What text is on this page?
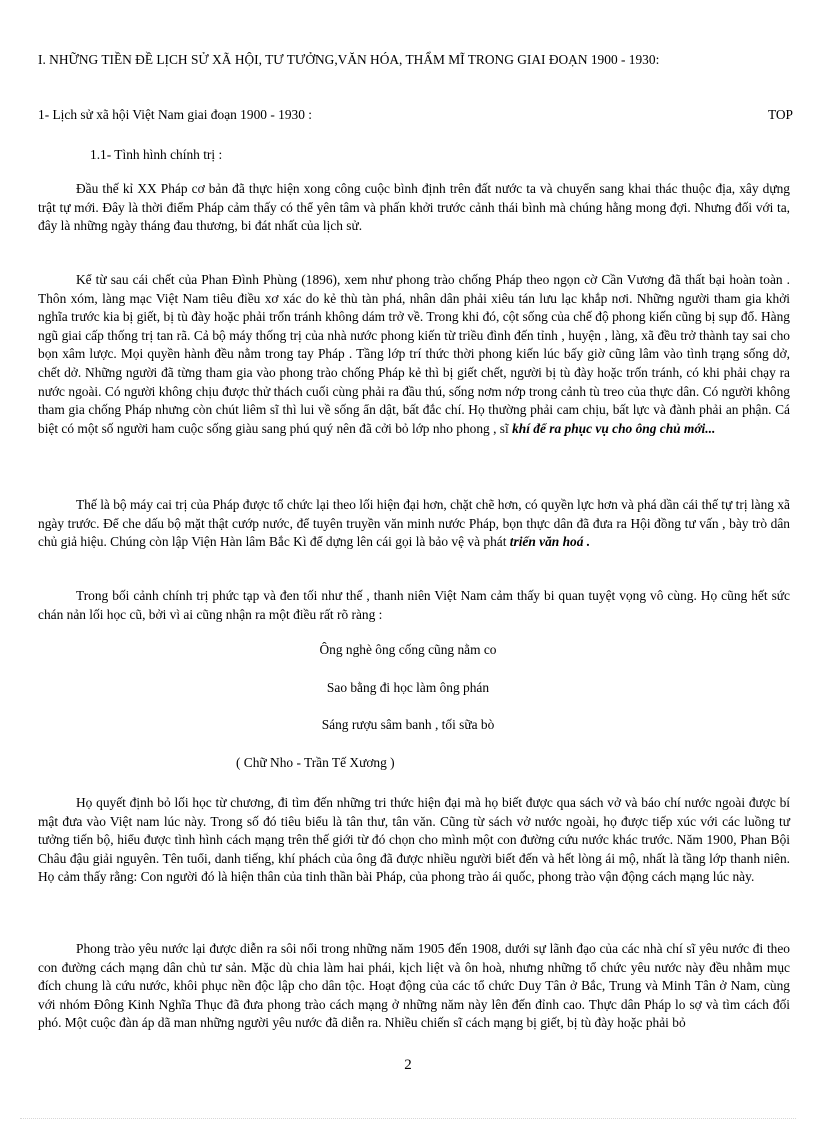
I. NHỮNG TIỀN ĐỀ LỊCH SỬ XÃ HỘI, TƯ TƯỞNG,VĂN HÓA, THẨM MĨ TRONG GIAI ĐOẠN 1900 - 1930:
1- Lịch sử xã hội Việt Nam giai đoạn 1900 - 1930 :	TOP
1.1- Tình hình chính trị :
Đầu thế kỉ XX Pháp cơ bản đã thực hiện xong công cuộc bình định trên đất nước ta và chuyển sang khai thác thuộc địa, xây dựng trật tự mới. Đây là thời điểm Pháp cảm thấy có thể yên tâm và phấn khởi trước cảnh thái bình mà chúng hằng mong đợi. Nhưng đối với ta, đây là những ngày tháng đau thương, bi đát nhất của lịch sử.
Kể từ sau cái chết của Phan Đình Phùng (1896), xem như phong trào chống Pháp theo ngọn cờ Cần Vương đã thất bại hoàn toàn . Thôn xóm, làng mạc Việt Nam tiêu điều xơ xác do kẻ thù tàn phá, nhân dân phải xiêu tán lưu lạc khắp nơi. Những người tham gia khởi nghĩa trước kia bị giết, bị tù đày hoặc phải trốn tránh không dám trở về. Trong khi đó, cột sống của chế độ phong kiến cũng bị sụp đổ. Hàng ngũ giai cấp thống trị tan rã. Cả bộ máy thống trị của nhà nước phong kiến từ triều đình đến tỉnh , huyện , làng, xã đều trở thành tay sai cho bọn xâm lược. Mọi quyền hành đều nằm trong tay Pháp . Tầng lớp trí thức thời phong kiến lúc bấy giờ cũng lâm vào tình trạng sống dở, chết dở. Những người đã từng tham gia vào phong trào chống Pháp kẻ thì bị giết chết, người bị tù đày hoặc trốn tránh, có khi phải chạy ra nước ngoài. Có người không chịu được thử thách cuối cùng phải ra đầu thú, sống nơm nớp trong cảnh tù treo của thực dân. Có người không tham gia chống Pháp nhưng còn chút liêm sĩ thì lui về sống ẩn dật, bất đắc chí. Họ thường phải cam chịu, bất lực và đành phải an phận. Cá biệt có một số người ham cuộc sống giàu sang phú quý nên đã cởi bỏ lớp nho phong , sĩ khí để ra phục vụ cho ông chủ mới...
Thế là bộ máy cai trị của Pháp được tổ chức lại theo lối hiện đại hơn, chặt chẽ hơn, có quyền lực hơn và phá dần cái thế tự trị làng xã ngày trước. Để che dấu bộ mặt thật cướp nước, để tuyên truyền văn minh nước Pháp, bọn thực dân đã đưa ra Hội đồng tư vấn , bày trò dân chủ giả hiệu. Chúng còn lập Viện Hàn lâm Bắc Kì để dựng lên cái gọi là bảo vệ và phát triển văn hoá .
Trong bối cảnh chính trị phức tạp và đen tối như thế , thanh niên Việt Nam cảm thấy bi quan tuyệt vọng vô cùng. Họ cũng hết sức chán nản lối học cũ, bởi vì ai cũng nhận ra một điều rất rõ ràng :
Ông nghè ông cống cũng nằm co
Sao bằng đi học làm ông phán
Sáng rượu sâm banh , tối sữa bò
( Chữ Nho - Trần Tế Xương )
Họ quyết định bỏ lối học từ chương, đi tìm đến những tri thức hiện đại mà họ biết được qua sách vở và báo chí nước ngoài được bí mật đưa vào Việt nam lúc này. Trong số đó tiêu biểu là tân thư, tân văn. Cũng từ sách vở nước ngoài, họ được tiếp xúc với các luồng tư tưởng tiến bộ, hiểu được tình hình cách mạng trên thế giới từ đó chọn cho mình một con đường cứu nước khác trước. Năm 1900, Phan Bội Châu đậu giải nguyên. Tên tuổi, danh tiếng, khí phách của ông đã được nhiều người biết đến và hết lòng ái mộ, nhất là tầng lớp thanh niên. Họ cảm thấy rằng: Con người đó là hiện thân của tinh thần bài Pháp, của phong trào ái quốc, phong trào vận động cách mạng lúc này.
Phong trào yêu nước lại được diễn ra sôi nổi trong những năm 1905 đến 1908, dưới sự lãnh đạo của các nhà chí sĩ yêu nước đi theo con đường cách mạng dân chủ tư sản. Mặc dù chia làm hai phái, kịch liệt và ôn hoà, nhưng những tổ chức yêu nước này đều nhằm mục đích chung là cứu nước, khôi phục nền độc lập cho dân tộc. Hoạt động của các tổ chức Duy Tân ở Bắc, Trung và Minh Tân ở Nam, cùng với nhóm Đông Kinh Nghĩa Thục đã đưa phong trào cách mạng ở những năm này lên đến đỉnh cao. Thực dân Pháp lo sợ và tìm cách đối phó. Một cuộc đàn áp dã man những người yêu nước đã diễn ra. Nhiều chiến sĩ cách mạng bị giết, bị tù đày hoặc phải bỏ
2
